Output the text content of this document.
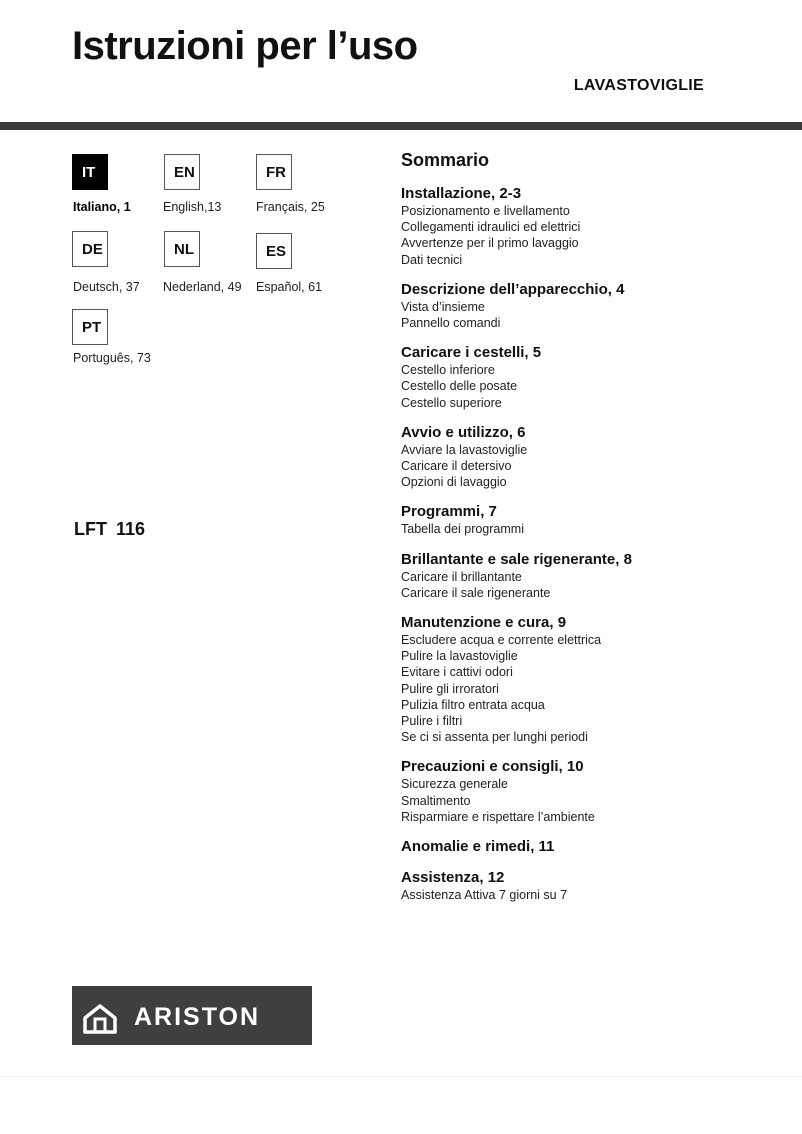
Istruzioni per l’uso
LAVASTOVIGLIE
IT
Italiano, 1
EN
English,13
FR
Français, 25
DE
Deutsch, 37
NL
Nederland, 49
ES
Español, 61
PT
Português, 73
LFT 116
Sommario
Installazione, 2-3
Posizionamento e livellamento
Collegamenti idraulici ed elettrici
Avvertenze per il primo lavaggio
Dati tecnici
Descrizione dell’apparecchio, 4
Vista d’insieme
Pannello comandi
Caricare i cestelli, 5
Cestello inferiore
Cestello delle posate
Cestello superiore
Avvio e utilizzo, 6
Avviare la lavastoviglie
Caricare il detersivo
Opzioni di lavaggio
Programmi, 7
Tabella dei programmi
Brillantante e sale rigenerante, 8
Caricare il brillantante
Caricare il sale rigenerante
Manutenzione e cura, 9
Escludere acqua e corrente elettrica
Pulire la lavastoviglie
Evitare i cattivi odori
Pulire gli irroratori
Pulizia filtro entrata acqua
Pulire i filtri
Se ci si assenta per lunghi periodi
Precauzioni e consigli, 10
Sicurezza generale
Smaltimento
Risparmiare e rispettare l’ambiente
Anomalie e rimedi, 11
Assistenza, 12
Assistenza Attiva 7 giorni su 7
ARISTON
